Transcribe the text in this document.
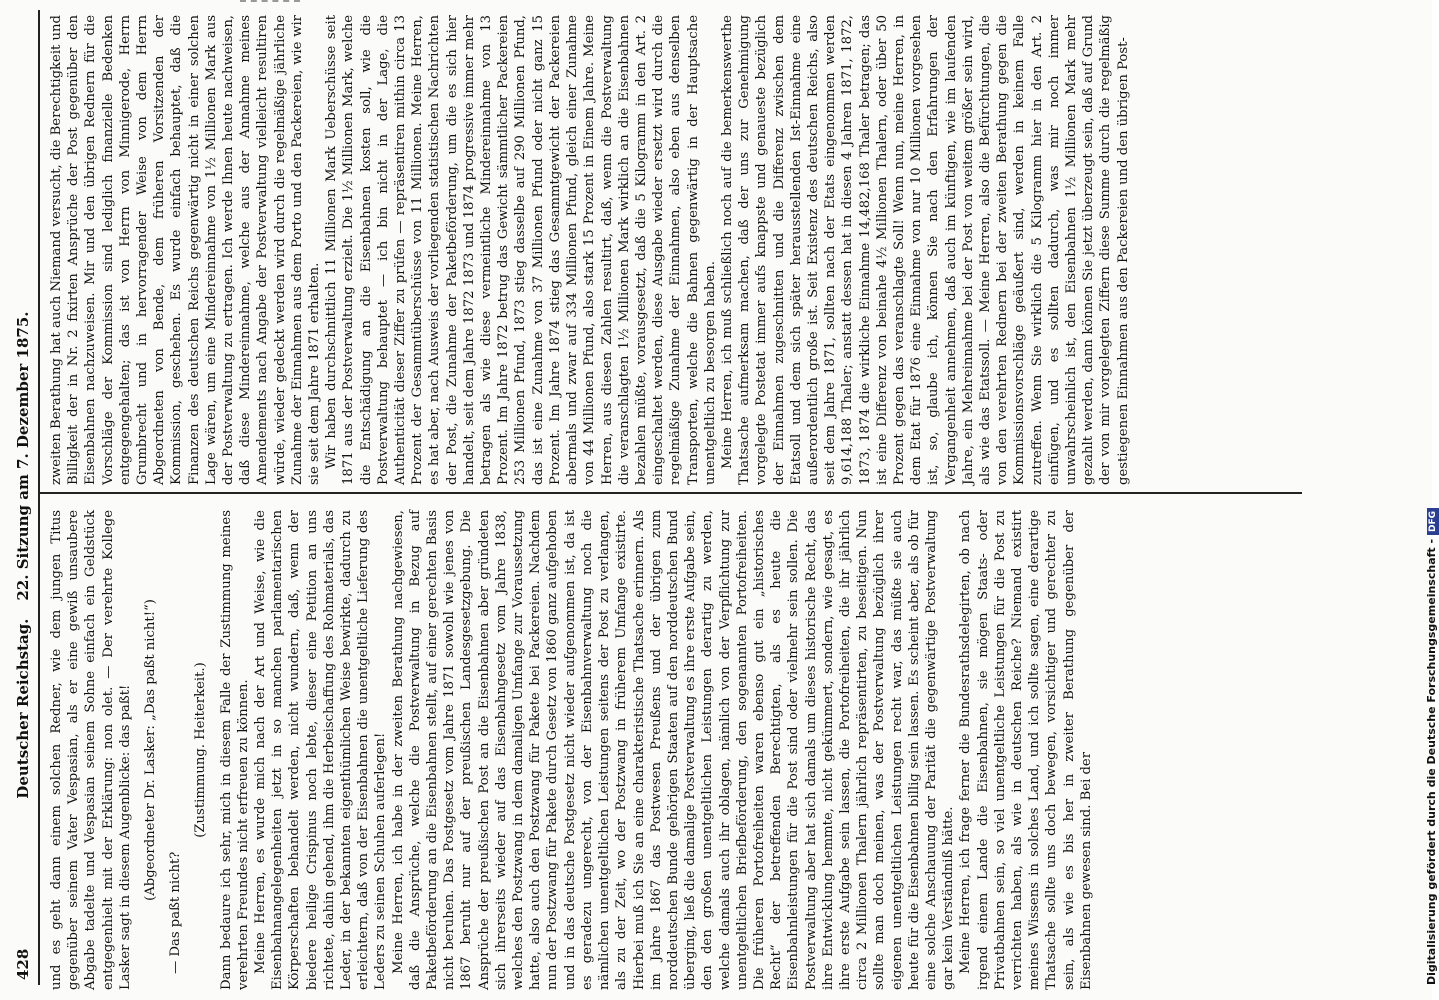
428
Deutscher Reichstag.
22. Sitzung am 7. Dezember 1875.

und es geht dann einem solchen Redner, wie dem jungen Titus gegenüber seinem Vater Vespasian, als er eine gewiß unsaubere Abgabe tadelte und Vespasian seinem Sohne einfach ein Geldstück entgegenhielt mit der Erklärung: non olet. — Der verehrte Kollege Lasker sagt in diesem Augenblicke: das paßt! (Abgeordneter Dr. Lasker: „Das paßt nicht!“)

— Das paßt nicht?

(Zustimmung. Heiterkeit.) Dann bedaure ich sehr, mich in diesem Falle der Zustimmung meines verehrten Freundes nicht erfreuen zu können. Meine Herren, es wurde mich nach der Art und Weise, wie die Eisenbahnangelegenheiten jetzt in so manchen parlamentarischen Körperschaften behandelt werden, nicht wundern, daß, wenn der biedere heilige Crispinus noch lebte, dieser eine Petition an uns richtete, dahin gehend, ihm die Herbeischaffung des Rohmaterials, das Leder, in der bekannten eigenthümlichen Weise bewirkte, dadurch zu erleichtern, daß von der Eisenbahnen die unentgeltliche Lieferung des Leders zu seinen Schuhen auferlegen! Meine Herren, ich habe in der zweiten Berathung nachgewiesen, daß die Ansprüche, welche die Postverwaltung in Bezug auf Paketbeförderung an die Eisenbahnen stellt, auf einer gerechten Basis nicht beruhen. Das Postgesetz vom Jahre 1871 sowohl wie jenes von 1867 beruht nur auf der preußischen Landesgesetzgebung. Die Ansprüche der preußischen Post an die Eisenbahnen aber gründeten sich ihrerseits wieder auf das Eisenbahngesetz vom Jahre 1838, welches den Postzwang in dem damaligen Umfange zur Voraussetzung hatte, also auch den Postzwang für Pakete bei Packereien. Nachdem nun der Postzwang für Pakete durch Gesetz von 1860 ganz aufgehoben und in das deutsche Postgesetz nicht wieder aufgenommen ist, da ist es geradezu ungerecht, von der Eisenbahnverwaltung noch die nämlichen unentgeltlichen Leistungen seitens der Post zu verlangen, als zu der Zeit, wo der Postzwang in früherem Umfange existirte. Hierbei muß ich Sie an eine charakteristische Thatsache erinnern. Als im Jahre 1867 das Postwesen Preußens und der übrigen zum norddeutschen Bunde gehörigen Staaten auf den norddeutschen Bund überging, ließ die damalige Postverwaltung es ihre erste Aufgabe sein, den den großen unentgeltlichen Leistungen derartig zu werden, welche damals auch ihr oblagen, nämlich von der Verpflichtung zur unentgeltlichen Briefbeförderung, den sogenannten Portofreiheiten. Die früheren Portofreiheiten waren ebenso gut ein „historisches Recht“ der betreffenden Berechtigten, als es heute die Eisenbahnleistungen für die Post sind oder vielmehr sein sollen. Die Postverwaltung aber hat sich damals um dieses historische Recht, das ihre Entwicklung hemmte, nicht gekümmert, sondern, wie gesagt, es ihre erste Aufgabe sein lassen, die Portofreiheiten, die ihr jährlich circa 2 Millionen Thalern jährlich repräsentirten, zu beseitigen. Nun sollte man doch meinen, was der Postverwaltung bezüglich ihrer eigenen unentgeltlichen Leistungen recht war, das müßte sie auch heute für die Eisenbahnen billig sein lassen. Es scheint aber, als ob für eine solche Anschauung der Parität die gegenwärtige Postverwaltung gar kein Verständniß hätte. Meine Herren, ich frage ferner die Bundesrathsdelegirten, ob nach irgend einem Lande die Eisenbahnen, sie mögen Staats- oder Privatbahnen sein, so viel unentgeltliche Leistungen für die Post zu verrichten haben, als wie in deutschen Reiche? Niemand existirt meines Wissens in solches Land, und ich sollte sagen, eine derartige Thatsache sollte uns doch bewegen, vorsichtiger und gerechter zu sein, als wie es bis her in zweiter Berathung gegenüber der Eisenbahnen gewesen sind. Bei der

zweiten Berathung hat auch Niemand versucht, die Berechtigkeit und Billigkeit der in Nr. 2 fixirten Ansprüche der Post gegenüber den Eisenbahnen nachzuweisen. Mir und den übrigen Rednern für die Vorschläge der Kommission sind lediglich finanzielle Bedenken entgegengehalten; das ist von Herrn von Minnigerode, Herrn Grumbrecht und in hervorragender Weise von dem Herrn Abgeordneten von Bende, dem früheren Vorsitzenden der Kommission, geschehen. Es wurde einfach behauptet, daß die Finanzen des deutschen Reichs gegenwärtig nicht in einer solchen Lage wären, um eine Mindereinnahme von 1½ Millionen Mark aus der Postverwaltung zu ertragen. Ich werde Ihnen heute nachweisen, daß diese Mindereinnahme, welche aus der Annahme meines Amendements nach Angabe der Postverwaltung vielleicht resultiren würde, wieder gedeckt werden wird durch die regelmäßige jährliche Zunahme der Einnahmen aus dem Porto und den Packereien, wie wir sie seit dem Jahre 1871 erhalten. Wir haben durchschnittlich 11 Millionen Mark Ueberschüsse seit 1871 aus der Postverwaltung erzielt. Die 1½ Millionen Mark, welche die Entschädigung an die Eisenbahnen kosten soll, wie die Postverwaltung behauptet — ich bin nicht in der Lage, die Authenticität dieser Ziffer zu prüfen — repräsentiren mithin circa 13 Prozent der Gesammtüberschüsse von 11 Millionen. Meine Herren, es hat aber, nach Ausweis der vorliegenden statistischen Nachrichten der Post, die Zunahme der Paketbeförderung, um die es sich hier handelt, seit dem Jahre 1872 1873 und 1874 progressive immer mehr betragen als wie diese vermeintliche Mindereinnahme von 13 Prozent. Im Jahre 1872 betrug das Gewicht sämmtlicher Packereien 253 Millionen Pfund, 1873 stieg dasselbe auf 290 Millionen Pfund, das ist eine Zunahme von 37 Millionen Pfund oder nicht ganz 15 Prozent. Im Jahre 1874 stieg das Gesammtgewicht der Packereien abermals und zwar auf 334 Millionen Pfund, gleich einer Zunahme von 44 Millionen Pfund, also stark 15 Prozent in Einem Jahre. Meine Herren, aus diesen Zahlen resultirt, daß, wenn die Postverwaltung die veranschlagten 1½ Millionen Mark wirklich an die Eisenbahnen bezahlen müßte, vorausgesetzt, daß die 5 Kilogramm in den Art. 2 eingeschaltet werden, diese Ausgabe wieder ersetzt wird durch die regelmäßige Zunahme der Einnahmen, also eben aus denselben Transporten, welche die Bahnen gegenwärtig in der Hauptsache unentgeltlich zu besorgen haben. Meine Herren, ich muß schließlich noch auf die bemerkenswerthe Thatsache aufmerksam machen, daß der uns zur Genehmigung vorgelegte Postetat immer aufs knappste und genaueste bezüglich der Einnahmen zugeschnitten und die Differenz zwischen dem Etatsoll und dem sich später herausstellenden Ist-Einnahme eine außerordentlich große ist. Seit Existenz des deutschen Reichs, also seit dem Jahre 1871, sollten nach der Etats eingenommen werden 9,614,188 Thaler; anstatt dessen hat in diesen 4 Jahren 1871, 1872, 1873, 1874 die wirkliche Einnahme 14,482,168 Thaler betragen; das ist eine Differenz von beinahe 4½ Millionen Thalern, oder über 50 Prozent gegen das veranschlagte Soll! Wenn nun, meine Herren, in dem Etat für 1876 eine Einnahme von nur 10 Millionen vorgesehen ist, so, glaube ich, können Sie nach den Erfahrungen der Vergangenheit annehmen, daß auch im künftigen, wie im laufenden Jahre, ein Mehreinnahme bei der Post von weitem größer sein wird, als wie das Etatssoll. — Meine Herren, also die Befürchtungen, die von den verehrten Rednern bei der zweiten Berathung gegen die Kommissionsvorschläge geäußert sind, werden in keinem Falle zutreffen. Wenn Sie wirklich die 5 Kilogramm hier in den Art. 2 einfügen, und es sollten dadurch, was mir noch immer unwahrscheinlich ist, den Eisenbahnen 1½ Millionen Mark mehr gezahlt werden, dann können Sie jetzt überzeugt sein, daß auf Grund der von mir vorgelegten Ziffern diese Summe durch die regelmäßig gestiegenen Einnahmen aus den Packereien und den übrigen Post-

Digitalisierung gefördert durch die Deutsche Forschungsgemeinschaft -DFG
